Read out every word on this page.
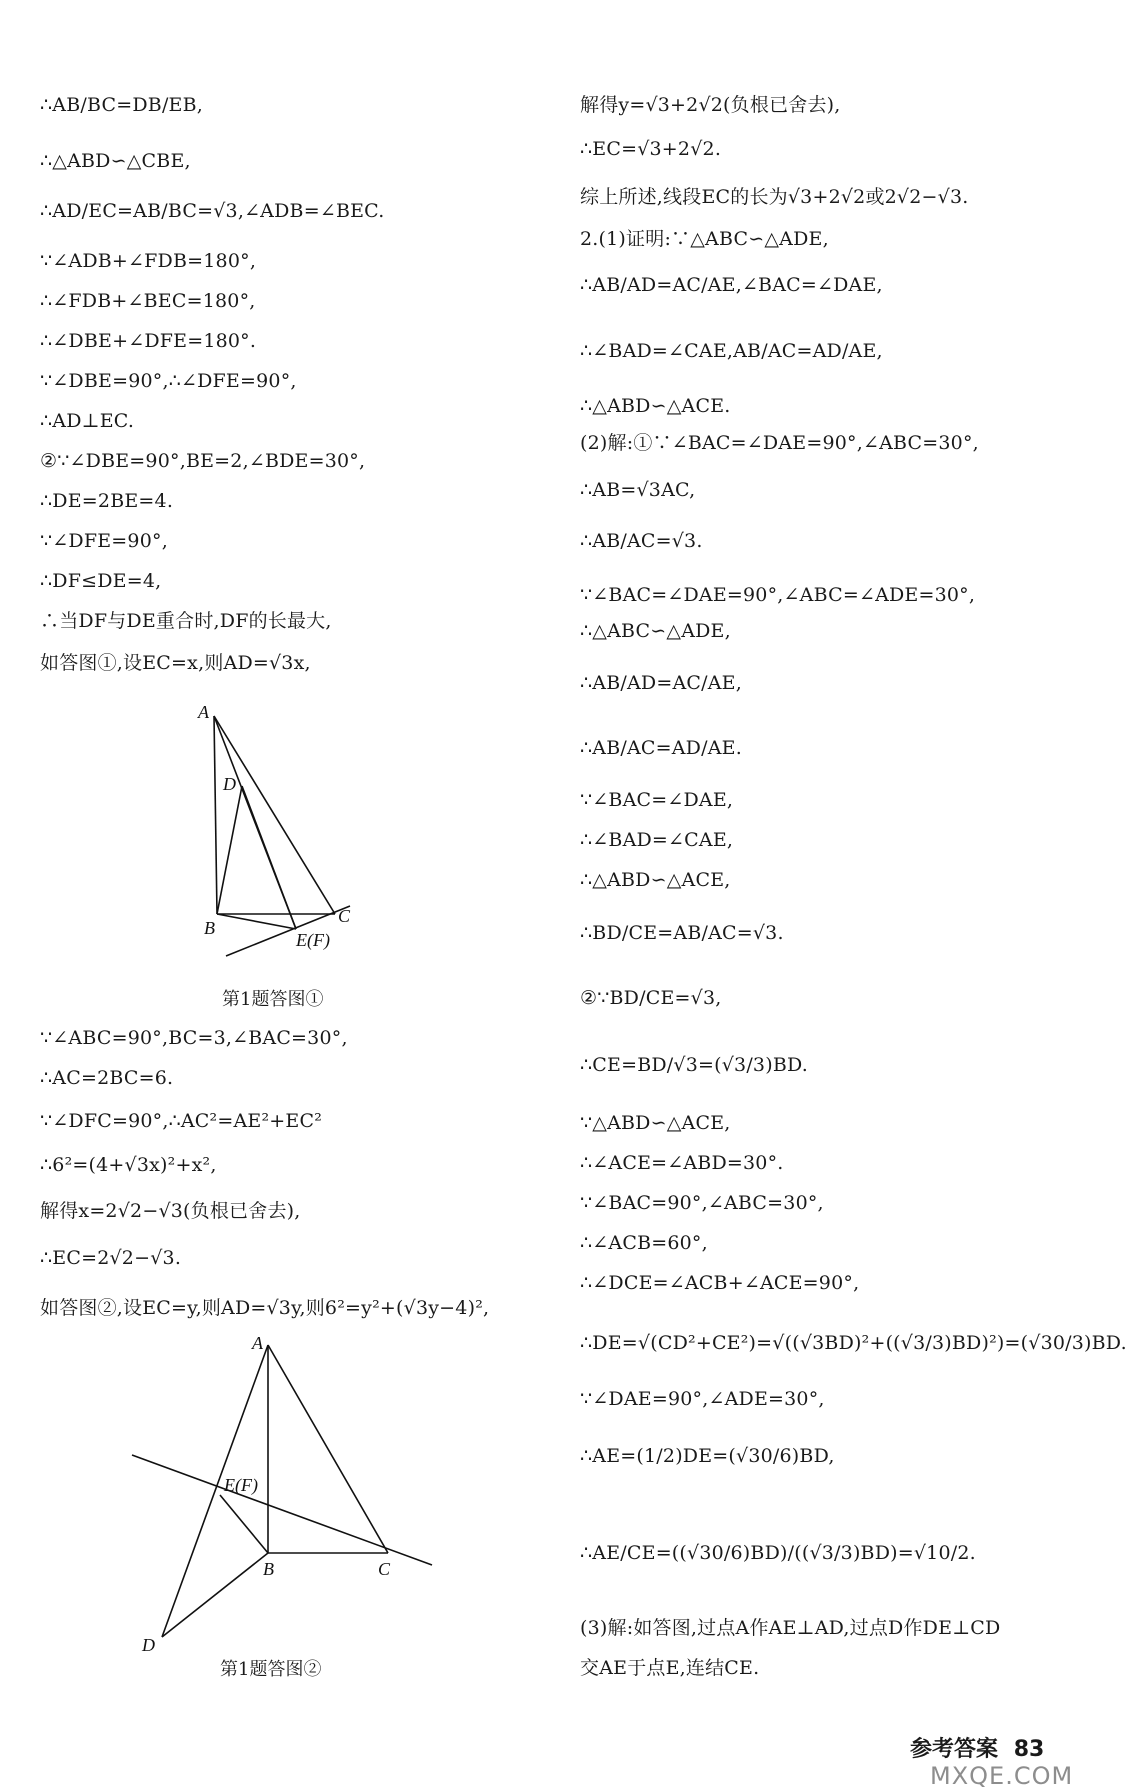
∴AB/BC=DB/EB,
∴△ABD∽△CBE,
∴AD/EC=AB/BC=√3,∠ADB=∠BEC.
∵∠ADB+∠FDB=180°,
∴∠FDB+∠BEC=180°,
∴∠DBE+∠DFE=180°.
∵∠DBE=90°,∴∠DFE=90°,
∴AD⊥EC.
②∵∠DBE=90°,BE=2,∠BDE=30°,
∴DE=2BE=4.
∵∠DFE=90°,
∴DF≤DE=4,
∴当DF与DE重合时,DF的长最大,
如答图①,设EC=x,则AD=√3x,
∵∠ABC=90°,BC=3,∠BAC=30°,
∴AC=2BC=6.
∵∠DFC=90°,∴AC²=AE²+EC²
∴6²=(4+√3x)²+x²,
解得x=2√2−√3(负根已舍去),
∴EC=2√2−√3.
如答图②,设EC=y,则AD=√3y,则6²=y²+(√3y−4)²,
A
D
B
C
E(F)
第1题答图①
A
E(F)
B	C
D
第1题答图②
解得y=√3+2√2(负根已舍去),
∴EC=√3+2√2.
综上所述,线段EC的长为√3+2√2或2√2−√3.
2.(1)证明:∵△ABC∽△ADE,
∴AB/AD=AC/AE,∠BAC=∠DAE,
∴∠BAD=∠CAE,AB/AC=AD/AE,
∴△ABD∽△ACE.
(2)解:①∵∠BAC=∠DAE=90°,∠ABC=30°,
∴AB=√3AC,
∴AB/AC=√3.
∵∠BAC=∠DAE=90°,∠ABC=∠ADE=30°,
∴△ABC∽△ADE,
∴AB/AD=AC/AE,
∴AB/AC=AD/AE.
∵∠BAC=∠DAE,
∴∠BAD=∠CAE,
∴△ABD∽△ACE,
∴BD/CE=AB/AC=√3.
②∵BD/CE=√3,
∴CE=BD/√3=(√3/3)BD.
∵△ABD∽△ACE,
∴∠ACE=∠ABD=30°.
∵∠BAC=90°,∠ABC=30°,
∴∠ACB=60°,
∴∠DCE=∠ACB+∠ACE=90°,
∴DE=√(CD²+CE²)=√((√3BD)²+((√3/3)BD)²)=(√30/3)BD.
∵∠DAE=90°,∠ADE=30°,
∴AE=(1/2)DE=(√30/6)BD,
∴AE/CE=((√30/6)BD)/((√3/3)BD)=√10/2.
(3)解:如答图,过点A作AE⊥AD,过点D作DE⊥CD
交AE于点E,连结CE.
参考答案 83
MXQE.COM
